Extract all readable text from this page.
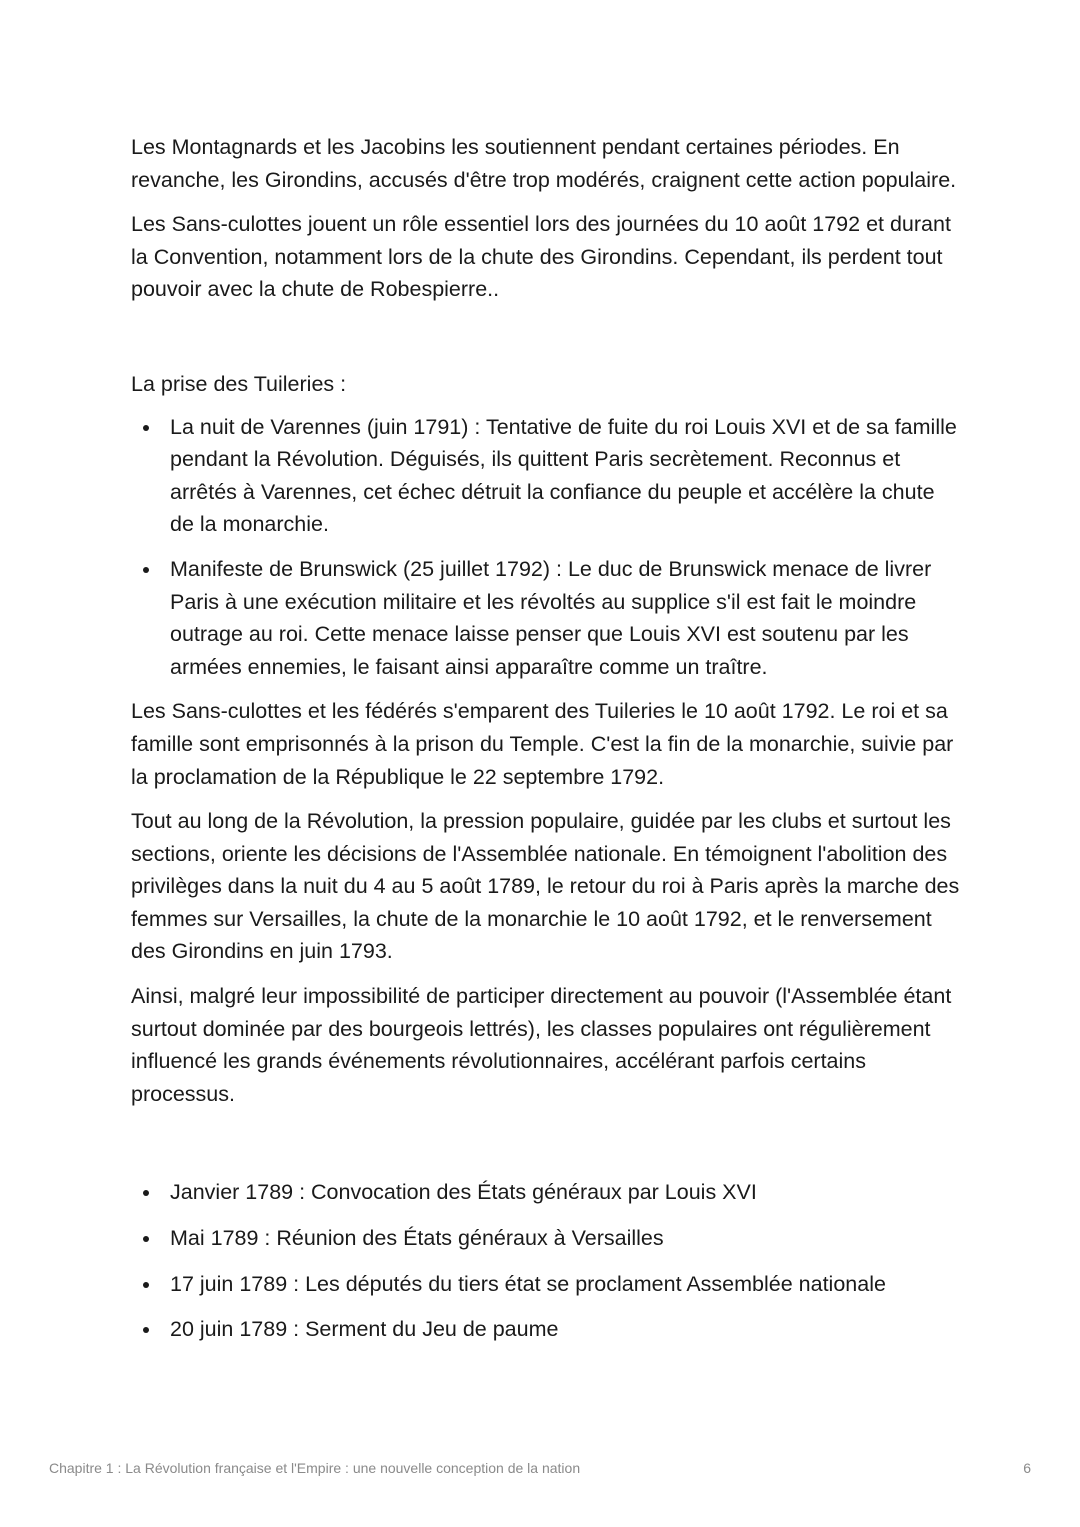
Les Montagnards et les Jacobins les soutiennent pendant certaines périodes. En revanche, les Girondins, accusés d'être trop modérés, craignent cette action populaire.

Les Sans-culottes jouent un rôle essentiel lors des journées du 10 août 1792 et durant la Convention, notamment lors de la chute des Girondins. Cependant, ils perdent tout pouvoir avec la chute de Robespierre..

La prise des Tuileries :

La nuit de Varennes (juin 1791) : Tentative de fuite du roi Louis XVI et de sa famille pendant la Révolution. Déguisés, ils quittent Paris secrètement. Reconnus et arrêtés à Varennes, cet échec détruit la confiance du peuple et accélère la chute de la monarchie.
Manifeste de Brunswick (25 juillet 1792) : Le duc de Brunswick menace de livrer Paris à une exécution militaire et les révoltés au supplice s'il est fait le moindre outrage au roi. Cette menace laisse penser que Louis XVI est soutenu par les armées ennemies, le faisant ainsi apparaître comme un traître.

Les Sans-culottes et les fédérés s'emparent des Tuileries le 10 août 1792. Le roi et sa famille sont emprisonnés à la prison du Temple. C'est la fin de la monarchie, suivie par la proclamation de la République le 22 septembre 1792.

Tout au long de la Révolution, la pression populaire, guidée par les clubs et surtout les sections, oriente les décisions de l'Assemblée nationale. En témoignent l'abolition des privilèges dans la nuit du 4 au 5 août 1789, le retour du roi à Paris après la marche des femmes sur Versailles, la chute de la monarchie le 10 août 1792, et le renversement des Girondins en juin 1793.

Ainsi, malgré leur impossibilité de participer directement au pouvoir (l'Assemblée étant surtout dominée par des bourgeois lettrés), les classes populaires ont régulièrement influencé les grands événements révolutionnaires, accélérant parfois certains processus.

Janvier 1789 : Convocation des États généraux par Louis XVI
Mai 1789 : Réunion des États généraux à Versailles
17 juin 1789 : Les députés du tiers état se proclament Assemblée nationale
20 juin 1789 : Serment du Jeu de paume
Chapitre 1 : La Révolution française et l'Empire : une nouvelle conception de la nation	6
